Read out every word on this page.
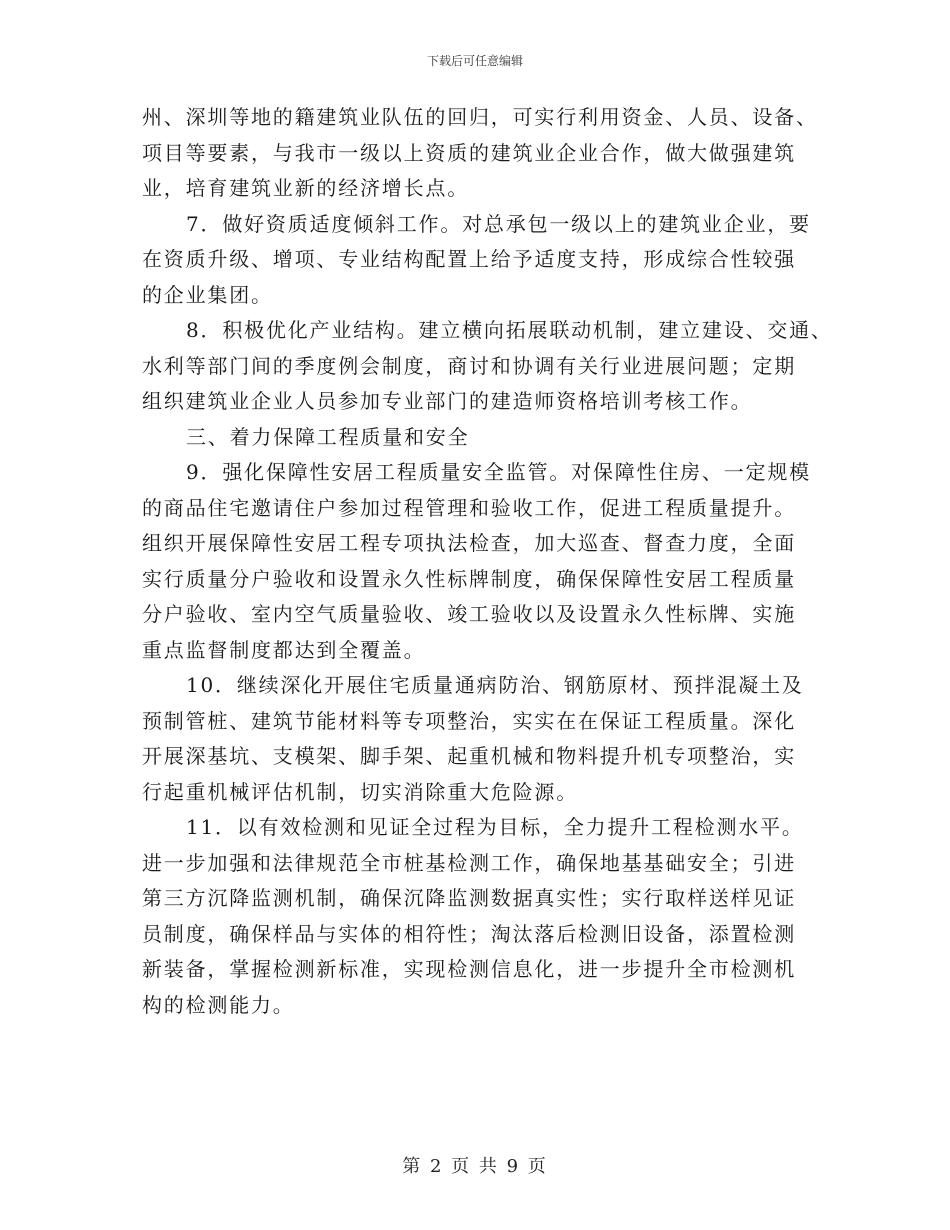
下载后可任意编辑

州、深圳等地的籍建筑业队伍的回归，可实行利用资金、人员、设备、
项目等要素，与我市一级以上资质的建筑业企业合作，做大做强建筑
业，培育建筑业新的经济增长点。

7．做好资质适度倾斜工作。对总承包一级以上的建筑业企业，要
在资质升级、增项、专业结构配置上给予适度支持，形成综合性较强
的企业集团。

8．积极优化产业结构。建立横向拓展联动机制，建立建设、交通、
水利等部门间的季度例会制度，商讨和协调有关行业进展问题；定期
组织建筑业企业人员参加专业部门的建造师资格培训考核工作。

三、着力保障工程质量和安全

9．强化保障性安居工程质量安全监管。对保障性住房、一定规模
的商品住宅邀请住户参加过程管理和验收工作，促进工程质量提升。
组织开展保障性安居工程专项执法检查，加大巡查、督查力度，全面
实行质量分户验收和设置永久性标牌制度，确保保障性安居工程质量
分户验收、室内空气质量验收、竣工验收以及设置永久性标牌、实施
重点监督制度都达到全覆盖。

10．继续深化开展住宅质量通病防治、钢筋原材、预拌混凝土及
预制管桩、建筑节能材料等专项整治，实实在在保证工程质量。深化
开展深基坑、支模架、脚手架、起重机械和物料提升机专项整治，实
行起重机械评估机制，切实消除重大危险源。

11．以有效检测和见证全过程为目标，全力提升工程检测水平。
进一步加强和法律规范全市桩基检测工作，确保地基基础安全；引进
第三方沉降监测机制，确保沉降监测数据真实性；实行取样送样见证
员制度，确保样品与实体的相符性；淘汰落后检测旧设备，添置检测
新装备，掌握检测新标准，实现检测信息化，进一步提升全市检测机
构的检测能力。

第 2 页 共 9 页
